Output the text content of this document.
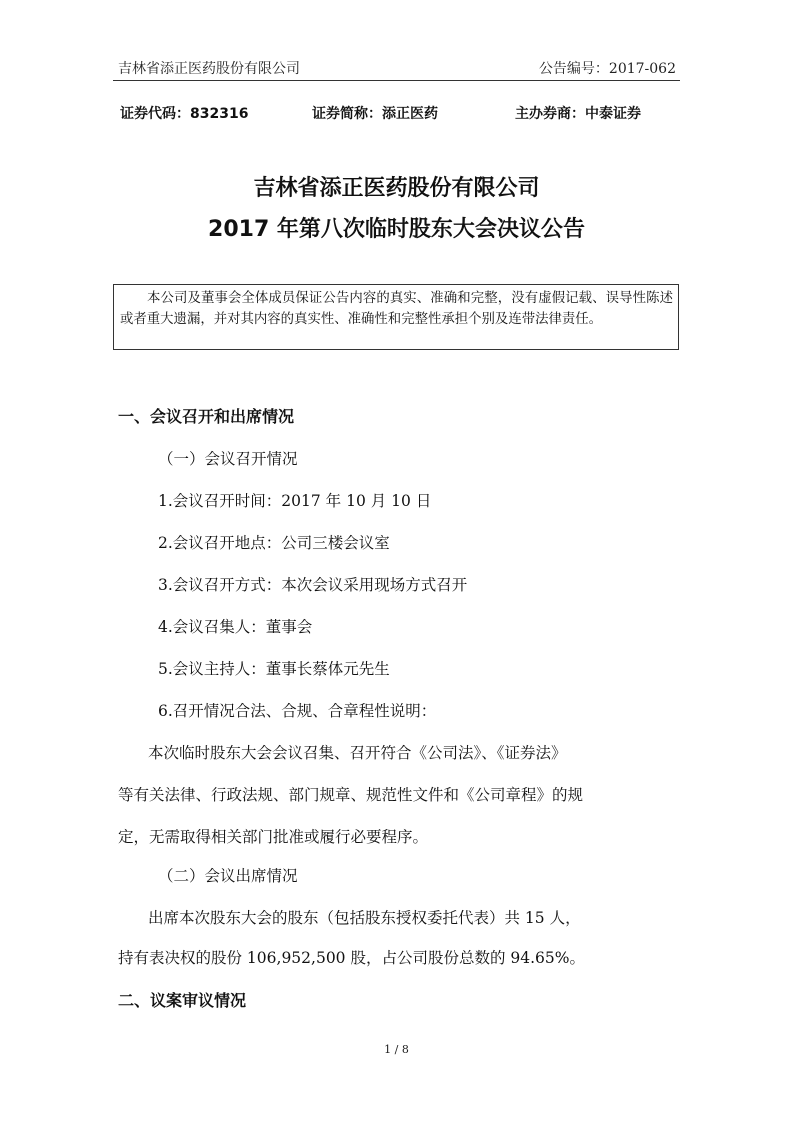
吉林省添正医药股份有限公司	公告编号：2017-062
证券代码：832316	证券简称：添正医药	主办券商：中泰证券
吉林省添正医药股份有限公司
2017 年第八次临时股东大会决议公告

本公司及董事会全体成员保证公告内容的真实、准确和完整，没有虚假记载、误导性陈述或者重大遗漏，并对其内容的真实性、准确性和完整性承担个别及连带法律责任。

一、会议召开和出席情况
（一）会议召开情况
1.会议召开时间：2017 年 10 月 10 日
2.会议召开地点：公司三楼会议室
3.会议召开方式：本次会议采用现场方式召开
4.会议召集人：董事会
5.会议主持人：董事长蔡体元先生
6.召开情况合法、合规、合章程性说明：
本次临时股东大会会议召集、召开符合《公司法》、《证券法》
等有关法律、行政法规、部门规章、规范性文件和《公司章程》的规
定，无需取得相关部门批准或履行必要程序。
（二）会议出席情况
出席本次股东大会的股东（包括股东授权委托代表）共 15 人，
持有表决权的股份 106,952,500 股，占公司股份总数的 94.65%。
二、议案审议情况
1 / 8
